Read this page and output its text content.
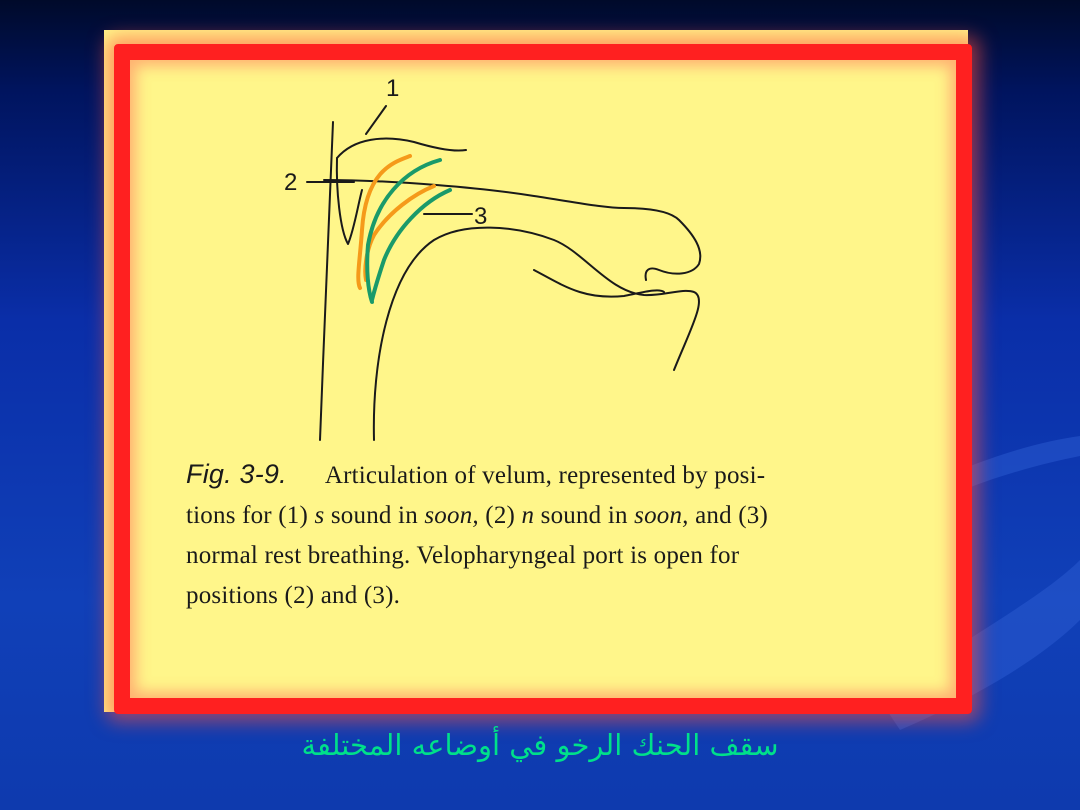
1
2
3
Fig. 3-9. Articulation of velum, represented by posi-
tions for (1) s sound in soon, (2) n sound in soon, and (3)
normal rest breathing. Velopharyngeal port is open for
positions (2) and (3).
سقف الحنك الرخو في أوضاعه المختلفة
